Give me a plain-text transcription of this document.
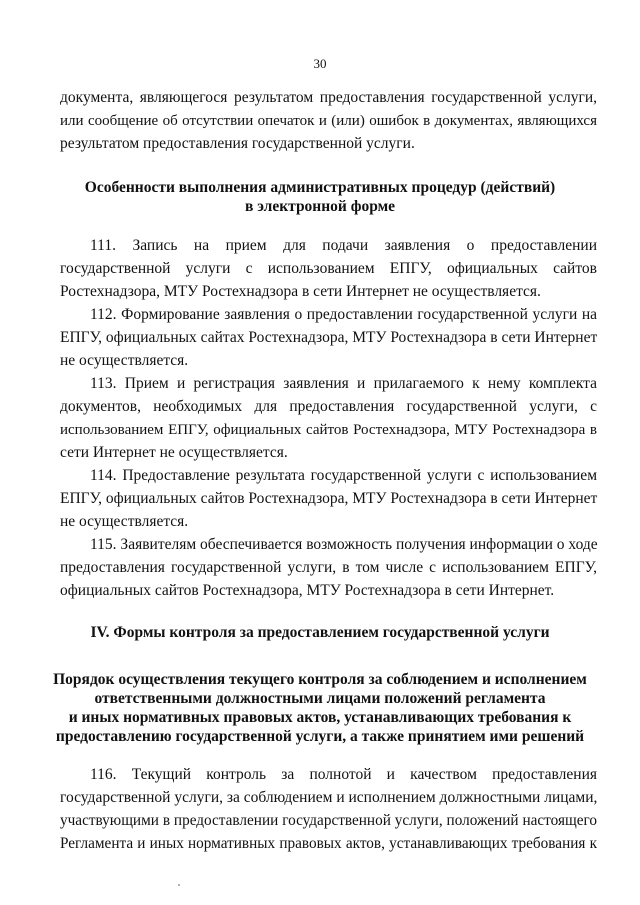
30
документа, являющегося результатом предоставления государственной услуги,
или сообщение об отсутствии опечаток и (или) ошибок в документах, являющихся
результатом предоставления государственной услуги.
Особенности выполнения административных процедур (действий)
в электронной форме
111. Запись на прием для подачи заявления о предоставлении
государственной услуги с использованием ЕПГУ, официальных сайтов
Ростехнадзора, МТУ Ростехнадзора в сети Интернет не осуществляется.
112. Формирование заявления о предоставлении государственной услуги на
ЕПГУ, официальных сайтах Ростехнадзора, МТУ Ростехнадзора в сети Интернет
не осуществляется.
113. Прием и регистрация заявления и прилагаемого к нему комплекта
документов, необходимых для предоставления государственной услуги, с
использованием ЕПГУ, официальных сайтов Ростехнадзора, МТУ Ростехнадзора в
сети Интернет не осуществляется.
114. Предоставление результата государственной услуги с использованием
ЕПГУ, официальных сайтов Ростехнадзора, МТУ Ростехнадзора в сети Интернет
не осуществляется.
115. Заявителям обеспечивается возможность получения информации о ходе
предоставления государственной услуги, в том числе с использованием ЕПГУ,
официальных сайтов Ростехнадзора, МТУ Ростехнадзора в сети Интернет.
IV. Формы контроля за предоставлением государственной услуги
Порядок осуществления текущего контроля за соблюдением и исполнением
ответственными должностными лицами положений регламента
и иных нормативных правовых актов, устанавливающих требования к
предоставлению государственной услуги, а также принятием ими решений
116. Текущий контроль за полнотой и качеством предоставления
государственной услуги, за соблюдением и исполнением должностными лицами,
участвующими в предоставлении государственной услуги, положений настоящего
Регламента и иных нормативных правовых актов, устанавливающих требования к
